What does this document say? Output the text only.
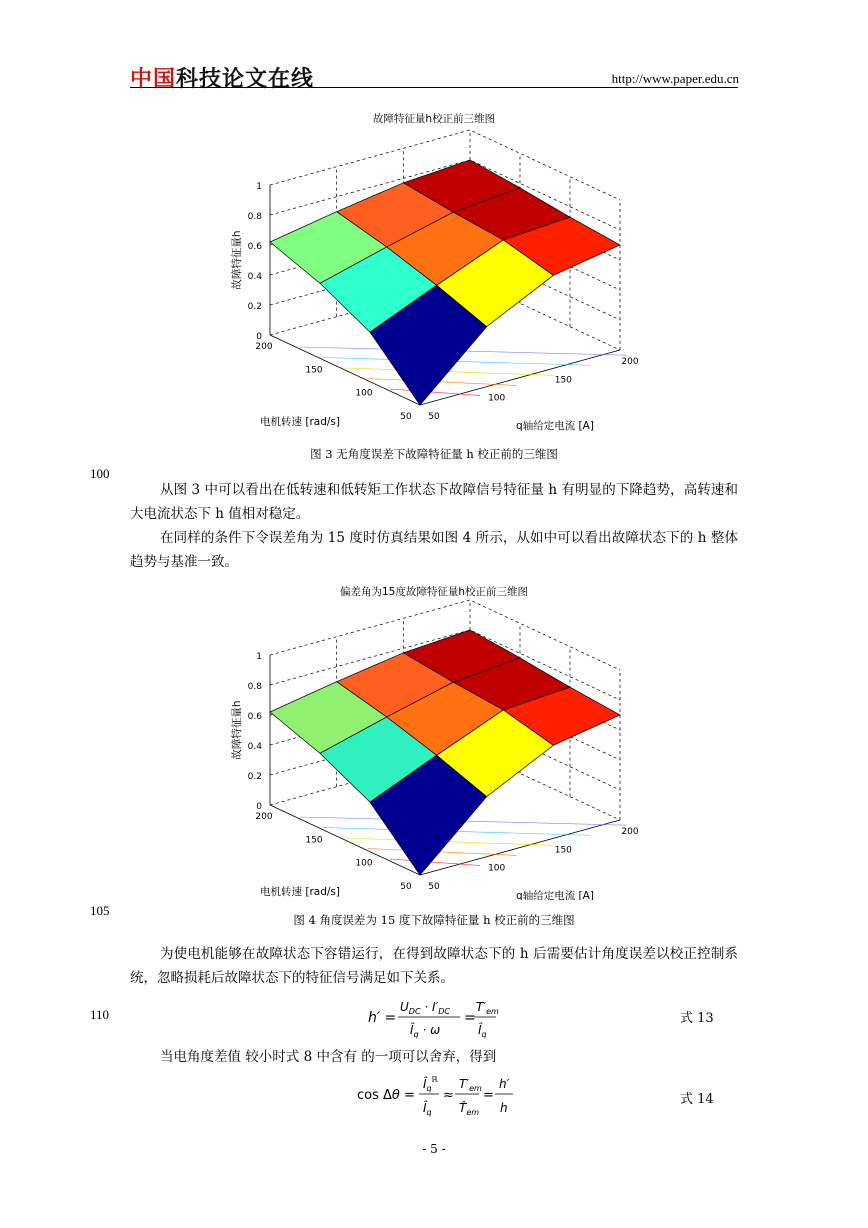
中国科技论文在线	http://www.paper.edu.cn
故障特征量h校正前三维图
0
0.2
0.4
0.6
0.8
1
50
100
150
200
50
100
150
200
电机转速 [rad/s]	q轴给定电流 [A]
故障特征量h
图 3 无角度误差下故障特征量 h 校正前的三维图
100

从图 3 中可以看出在低转速和低转矩工作状态下故障信号特征量 h 有明显的下降趋势，高转速和大电流状态下 h 值相对稳定。

在同样的条件下令误差角为 15 度时仿真结果如图 4 所示，从如中可以看出故障状态下的 h 整体趋势与基准一致。

偏差角为15度故障特征量h校正前三维图
0
0.2
0.4
0.6
0.8
1
50
100
150
200
50
100
150
200
电机转速 [rad/s]	q轴给定电流 [A]
故障特征量h
105
图 4 角度误差为 15 度下故障特征量 h 校正前的三维图

为使电机能够在故障状态下容错运行，在得到故障状态下的 h 后需要估计角度误差以校正控制系统，忽略损耗后故障状态下的特征信号满足如下关系。

110	h′ =
$U_{DC} \cdot I'_{DC}$
$Î_q \cdot \omega$
=
$T'_{em}$
$Î_q$
式 13

当电角度差值 较小时式 8 中含有 的一项可以舍弃，得到

cos Δθ =
$Î_q^ℝ$
$Î_q$
≈
$T'_{em}$
$T̂_{em}$
=
h′
h
式 14
- 5 -
